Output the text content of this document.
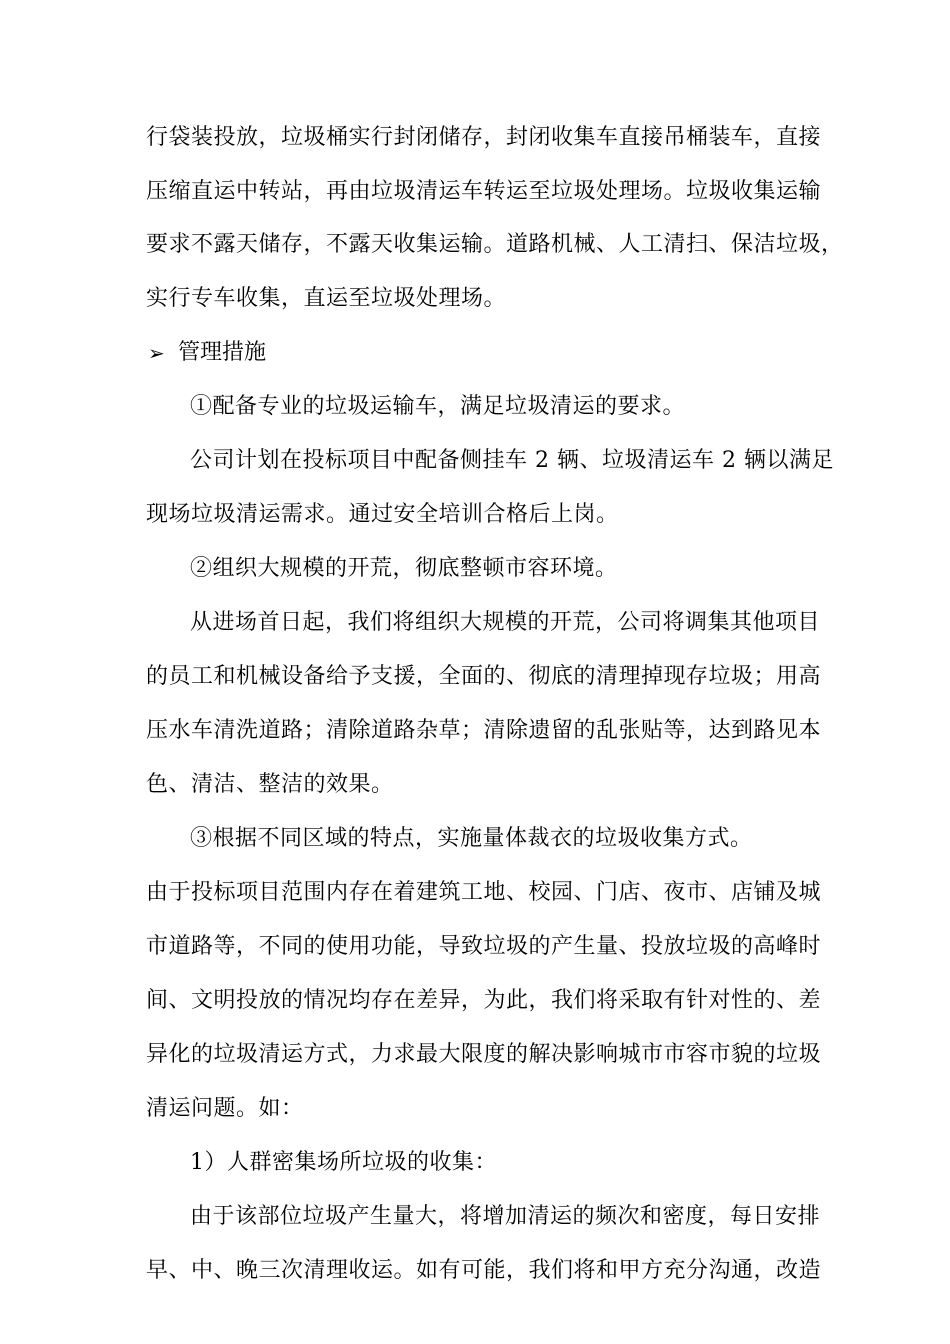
行袋装投放，垃圾桶实行封闭储存，封闭收集车直接吊桶装车，直接
压缩直运中转站，再由垃圾清运车转运至垃圾处理场。垃圾收集运输
要求不露天储存，不露天收集运输。道路机械、人工清扫、保洁垃圾，
实行专车收集，直运至垃圾处理场。
➢ 管理措施
①配备专业的垃圾运输车，满足垃圾清运的要求。
公司计划在投标项目中配备侧挂车 2 辆、垃圾清运车 2 辆以满足
现场垃圾清运需求。通过安全培训合格后上岗。
②组织大规模的开荒，彻底整顿市容环境。
从进场首日起，我们将组织大规模的开荒，公司将调集其他项目
的员工和机械设备给予支援，全面的、彻底的清理掉现存垃圾；用高
压水车清洗道路；清除道路杂草；清除遗留的乱张贴等，达到路见本
色、清洁、整洁的效果。
③根据不同区域的特点，实施量体裁衣的垃圾收集方式。
由于投标项目范围内存在着建筑工地、校园、门店、夜市、店铺及城
市道路等，不同的使用功能，导致垃圾的产生量、投放垃圾的高峰时
间、文明投放的情况均存在差异，为此，我们将采取有针对性的、差
异化的垃圾清运方式，力求最大限度的解决影响城市市容市貌的垃圾
清运问题。如：
1）人群密集场所垃圾的收集：
由于该部位垃圾产生量大，将增加清运的频次和密度，每日安排
早、中、晚三次清理收运。如有可能，我们将和甲方充分沟通，改造
